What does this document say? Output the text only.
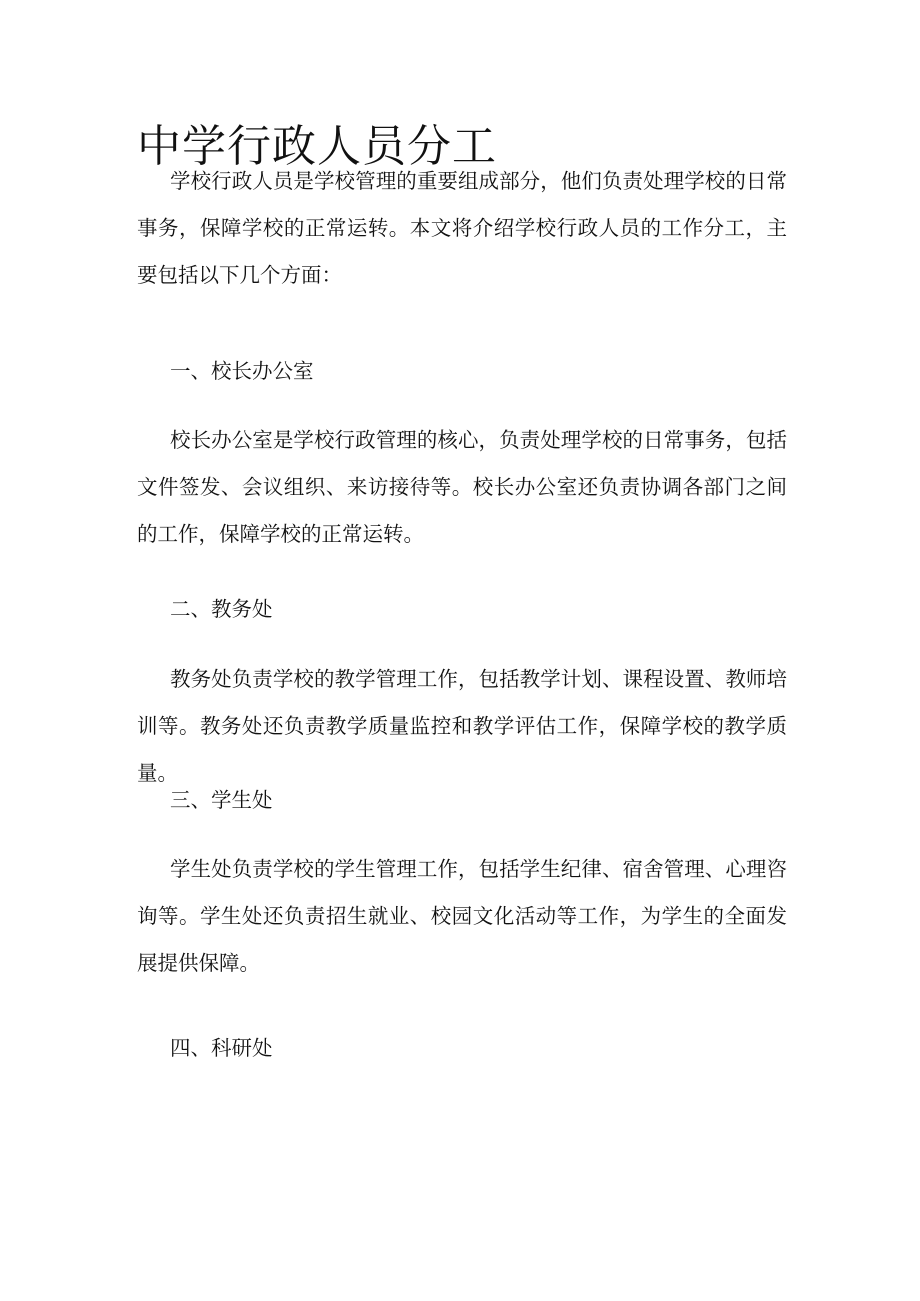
中学行政人员分工

学校行政人员是学校管理的重要组成部分，他们负责处理学校的日常事务，保障学校的正常运转。本文将介绍学校行政人员的工作分工，主要包括以下几个方面：

一、校长办公室

校长办公室是学校行政管理的核心，负责处理学校的日常事务，包括文件签发、会议组织、来访接待等。校长办公室还负责协调各部门之间的工作，保障学校的正常运转。

二、教务处

教务处负责学校的教学管理工作，包括教学计划、课程设置、教师培训等。教务处还负责教学质量监控和教学评估工作，保障学校的教学质量。

三、学生处

学生处负责学校的学生管理工作，包括学生纪律、宿舍管理、心理咨询等。学生处还负责招生就业、校园文化活动等工作，为学生的全面发展提供保障。

四、科研处
